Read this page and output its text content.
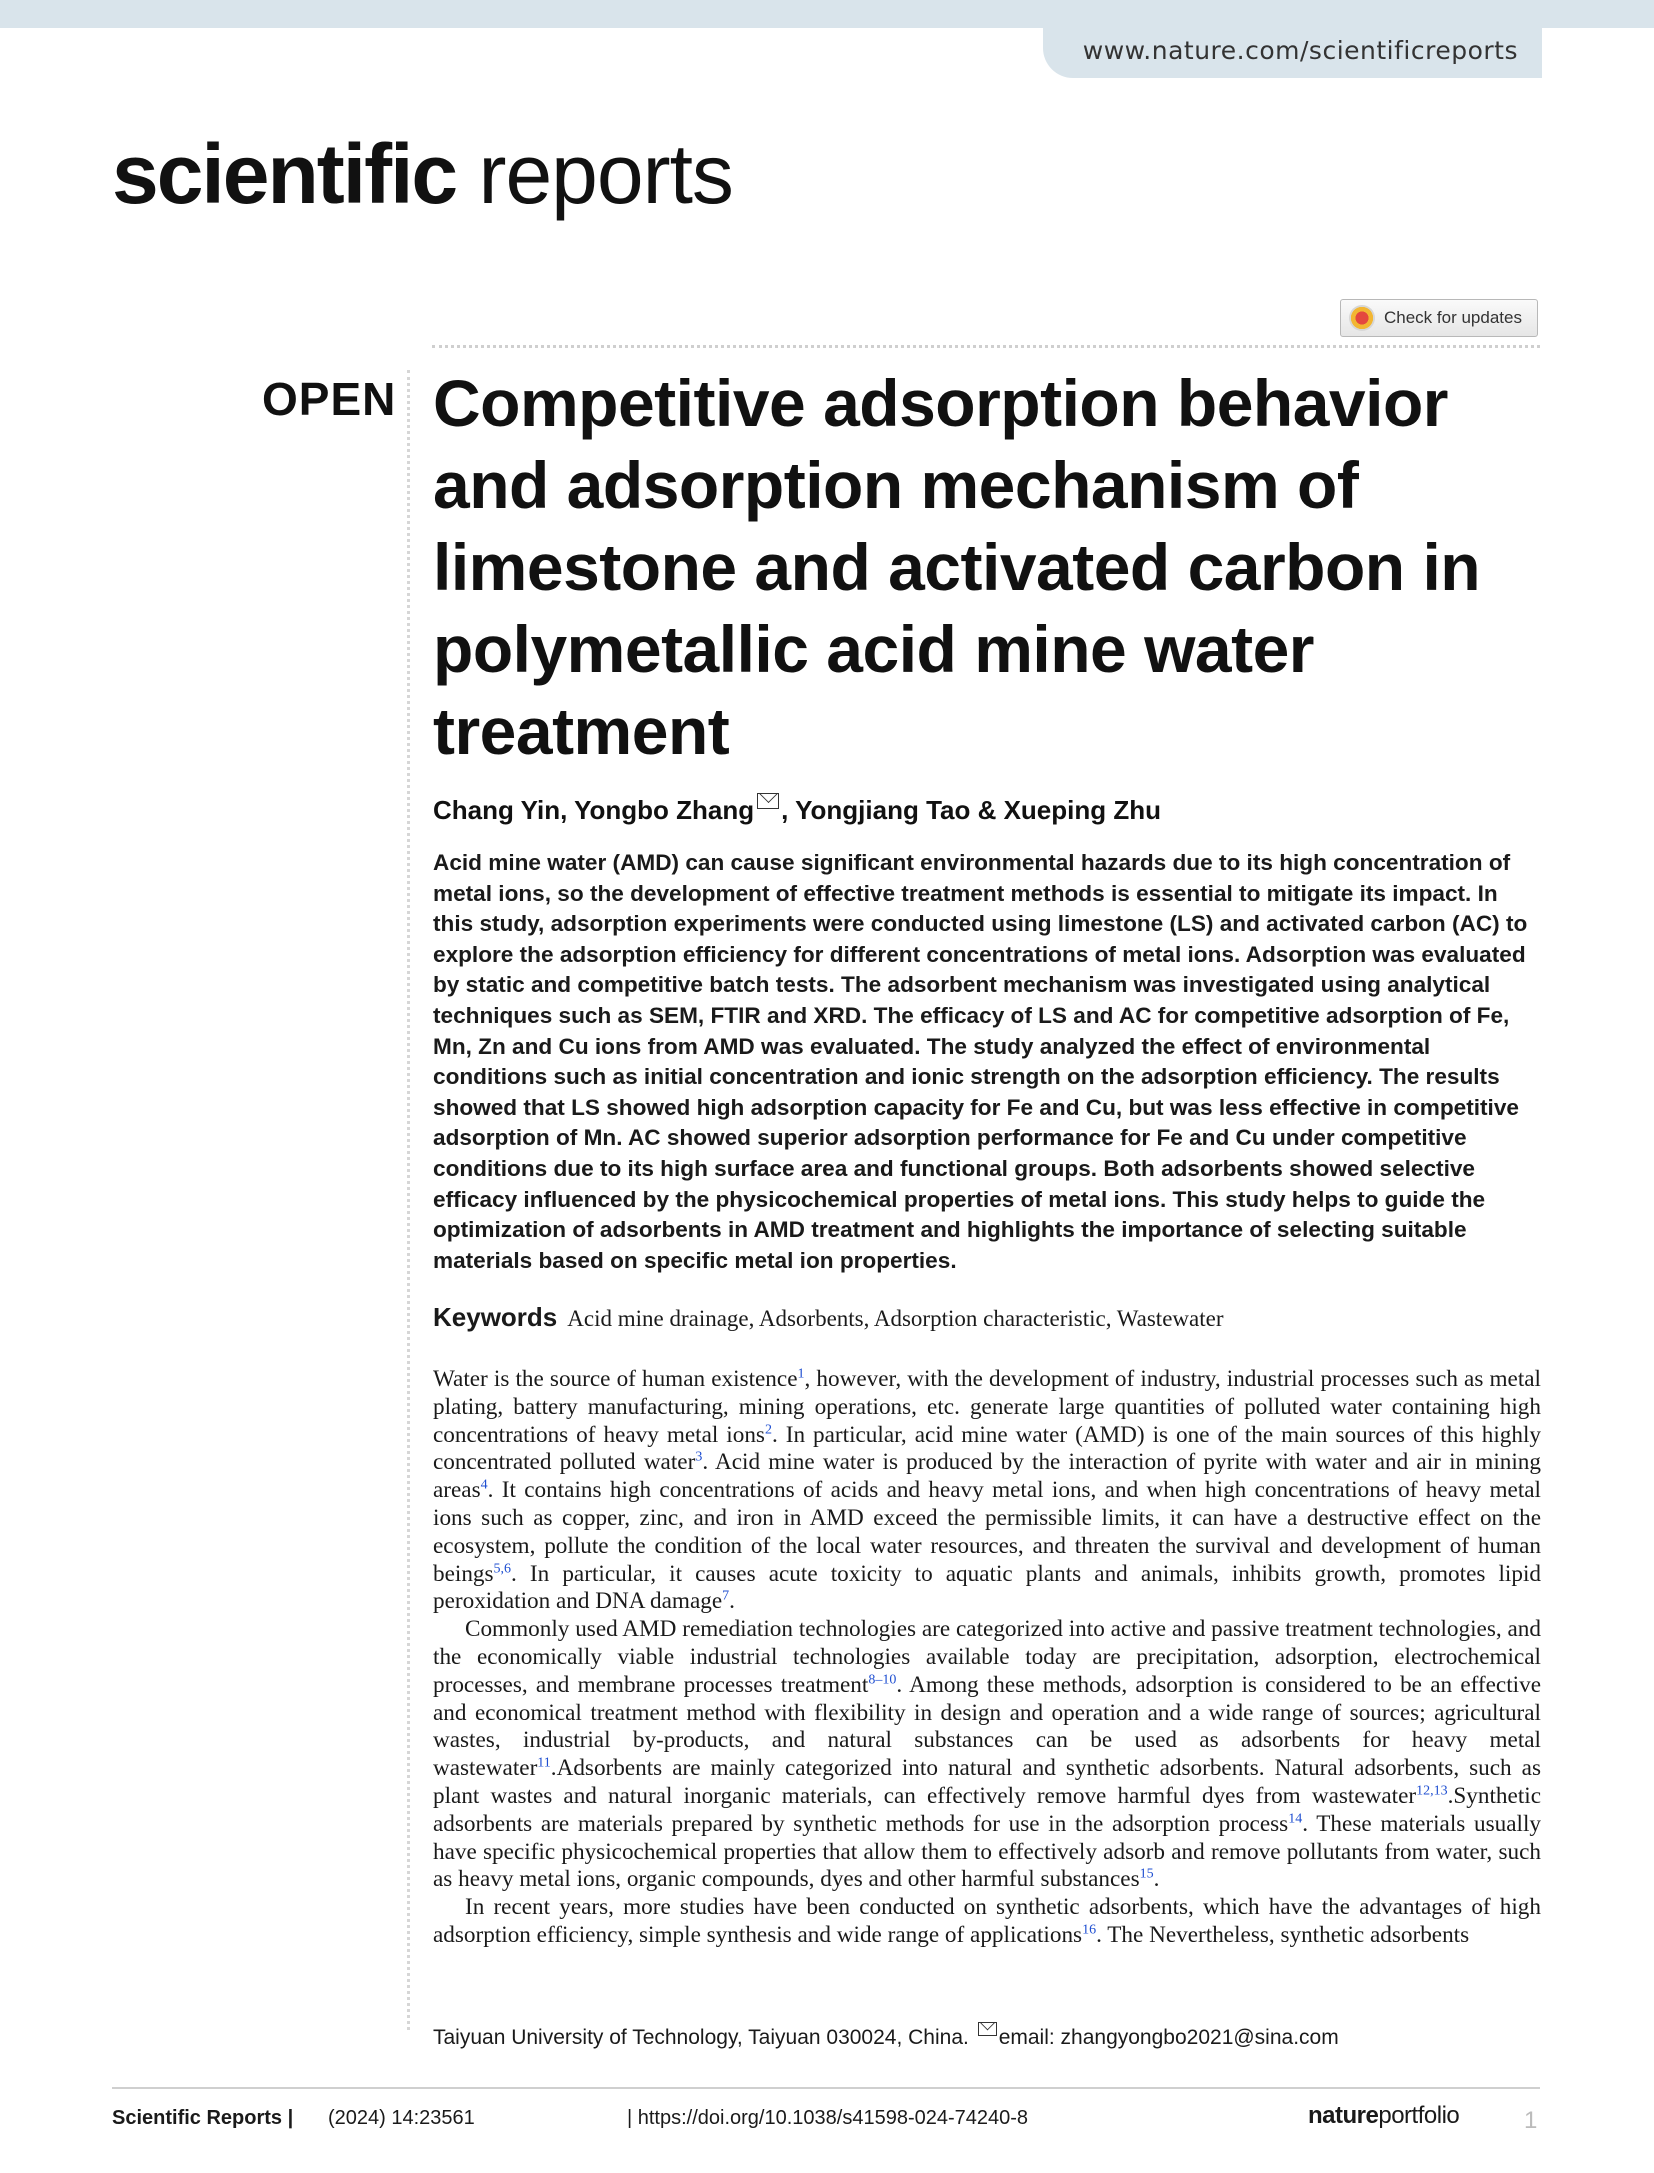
www.nature.com/scientificreports
scientific reports
Check for updates
OPEN Competitive adsorption behavior and adsorption mechanism of limestone and activated carbon in polymetallic acid mine water treatment
Chang Yin, Yongbo Zhang , Yongjiang Tao & Xueping Zhu

Acid mine water (AMD) can cause significant environmental hazards due to its high concentration of metal ions, so the development of effective treatment methods is essential to mitigate its impact. In this study, adsorption experiments were conducted using limestone (LS) and activated carbon (AC) to explore the adsorption efficiency for different concentrations of metal ions. Adsorption was evaluated by static and competitive batch tests. The adsorbent mechanism was investigated using analytical techniques such as SEM, FTIR and XRD. The efficacy of LS and AC for competitive adsorption of Fe, Mn, Zn and Cu ions from AMD was evaluated. The study analyzed the effect of environmental conditions such as initial concentration and ionic strength on the adsorption efficiency. The results showed that LS showed high adsorption capacity for Fe and Cu, but was less effective in competitive adsorption of Mn. AC showed superior adsorption performance for Fe and Cu under competitive conditions due to its high surface area and functional groups. Both adsorbents showed selective efficacy influenced by the physicochemical properties of metal ions. This study helps to guide the optimization of adsorbents in AMD treatment and highlights the importance of selecting suitable materials based on specific metal ion properties.

Keywords Acid mine drainage, Adsorbents, Adsorption characteristic, Wastewater

Water is the source of human existence$^1$, however, with the development of industry, industrial processes such as metal plating, battery manufacturing, mining operations, etc. generate large quantities of polluted water containing high concentrations of heavy metal ions$^2$. In particular, acid mine water (AMD) is one of the main sources of this highly concentrated polluted water$^3$. Acid mine water is produced by the interaction of pyrite with water and air in mining areas$^4$. It contains high concentrations of acids and heavy metal ions, and when high concentrations of heavy metal ions such as copper, zinc, and iron in AMD exceed the permissible limits, it can have a destructive effect on the ecosystem, pollute the condition of the local water resources, and threaten the survival and development of human beings$^{5,6}$. In particular, it causes acute toxicity to aquatic plants and animals, inhibits growth, promotes lipid peroxidation and DNA damage$^7$.

Commonly used AMD remediation technologies are categorized into active and passive treatment technologies, and the economically viable industrial technologies available today are precipitation, adsorption, electrochemical processes, and membrane processes treatment$^{8-10}$. Among these methods, adsorption is considered to be an effective and economical treatment method with flexibility in design and operation and a wide range of sources; agricultural wastes, industrial by-products, and natural substances can be used as adsorbents for heavy metal wastewater$^{11}$.Adsorbents are mainly categorized into natural and synthetic adsorbents. Natural adsorbents, such as plant wastes and natural inorganic materials, can effectively remove harmful dyes from wastewater$^{12,13}$.Synthetic adsorbents are materials prepared by synthetic methods for use in the adsorption process$^{14}$. These materials usually have specific physicochemical properties that allow them to effectively adsorb and remove pollutants from water, such as heavy metal ions, organic compounds, dyes and other harmful substances$^{15}$.

In recent years, more studies have been conducted on synthetic adsorbents, which have the advantages of high adsorption efficiency, simple synthesis and wide range of applications$^{16}$. The Nevertheless, synthetic adsorbents

Taiyuan University of Technology, Taiyuan 030024, China. email: zhangyongbo2021@sina.com
Scientific Reports | (2024) 14:23561	| https://doi.org/10.1038/s41598-024-74240-8	natureportfolio	1
